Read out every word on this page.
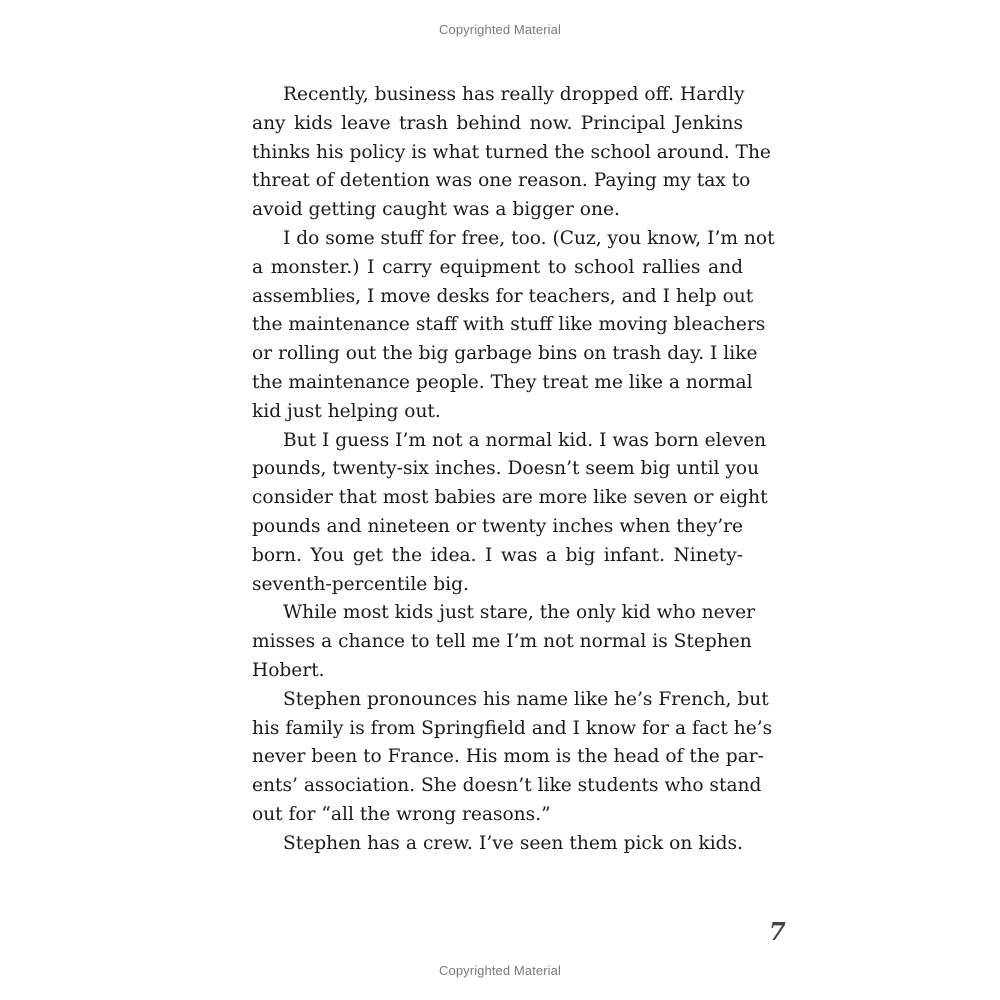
Copyrighted Material
Recently, business has really dropped off. Hardly
any kids leave trash behind now. Principal Jenkins
thinks his policy is what turned the school around. The
threat of detention was one reason. Paying my tax to
avoid getting caught was a bigger one.
I do some stuff for free, too. (Cuz, you know, I’m not
a monster.) I carry equipment to school rallies and
assemblies, I move desks for teachers, and I help out
the maintenance staff with stuff like moving bleachers
or rolling out the big garbage bins on trash day. I like
the maintenance people. They treat me like a normal
kid just helping out.
But I guess I’m not a normal kid. I was born eleven
pounds, twenty-six inches. Doesn’t seem big until you
consider that most babies are more like seven or eight
pounds and nineteen or twenty inches when they’re
born. You get the idea. I was a big infant. Ninety-
seventh-percentile big.
While most kids just stare, the only kid who never
misses a chance to tell me I’m not normal is Stephen
Hobert.
Stephen pronounces his name like he’s French, but
his family is from Springfield and I know for a fact he’s
never been to France. His mom is the head of the par-
ents’ association. She doesn’t like students who stand
out for “all the wrong reasons.”
Stephen has a crew. I’ve seen them pick on kids.
7
Copyrighted Material
